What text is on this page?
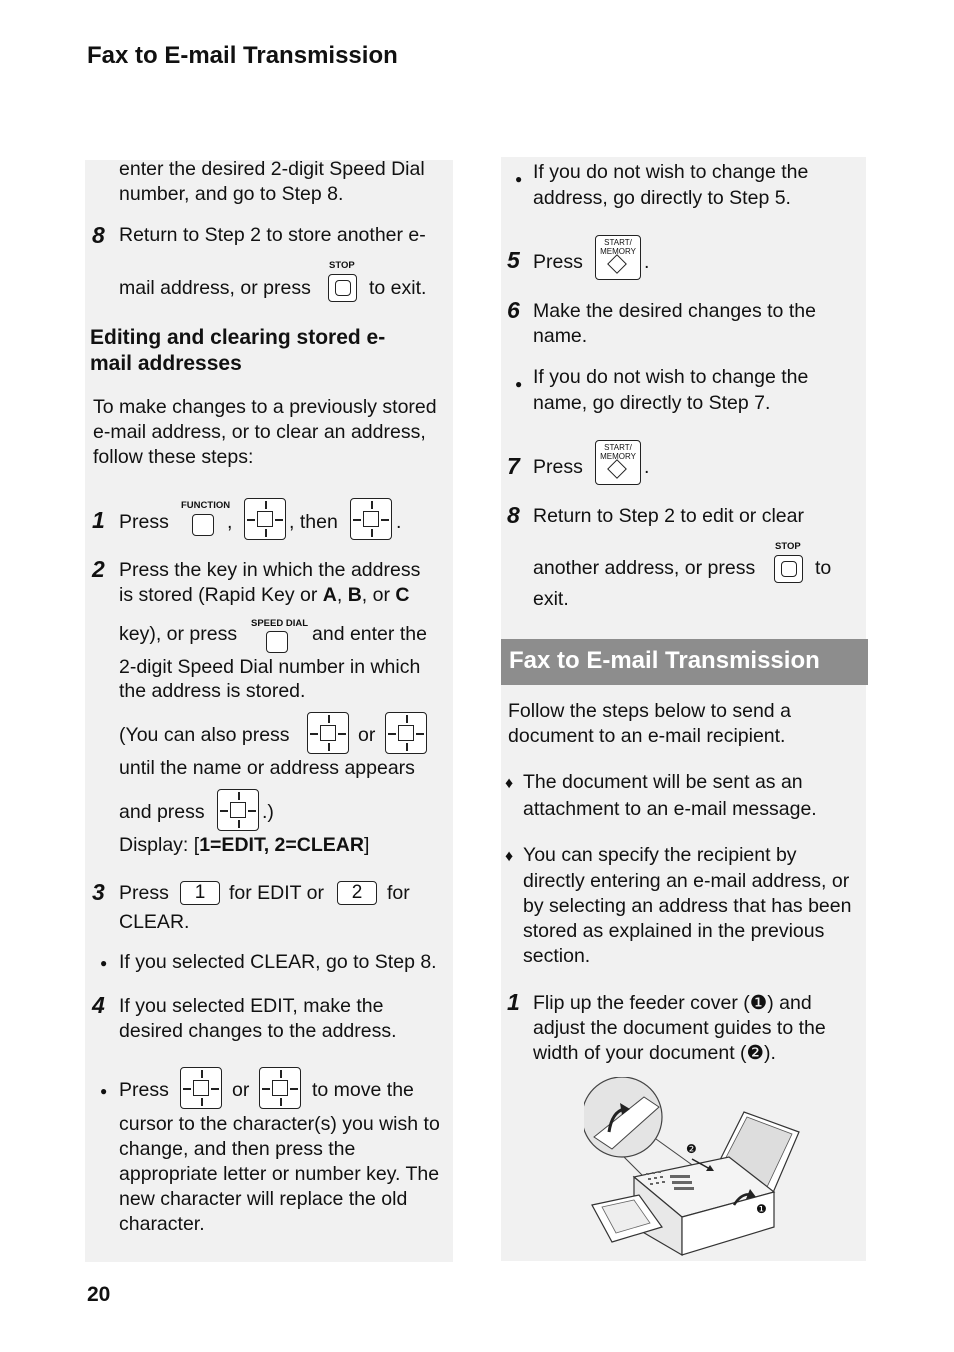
Fax to E-mail Transmission
enter the desired 2-digit Speed Dial
number, and go to Step 8.
8 Return to Step 2 to store another e-
mail address, or press
STOP
to exit.
Editing and clearing stored e-
mail addresses
To make changes to a previously stored
e-mail address, or to clear an address,
follow these steps:
1 Press
FUNCTION
,	, then	.
2 Press the key in which the address
is stored (Rapid Key or A, B, or C
key), or press SPEED DIAL and enter the
2-digit Speed Dial number in which
the address is stored.
(You can also press	or
until the name or address appears
and press	.)
Display: [1=EDIT, 2=CLEAR]
3 Press	1	for EDIT or	2	for
CLEAR.
● If you selected CLEAR, go to Step 8.
4 If you selected EDIT, make the
desired changes to the address.
● Press	or	to move the
cursor to the character(s) you wish to
change, and then press the
appropriate letter or number key. The
new character will replace the old
character.
● If you do not wish to change the
address, go directly to Step 5.
5 Press
START/
MEMORY .
6 Make the desired changes to the
name.
● If you do not wish to change the
name, go directly to Step 7.
7 Press
START/
MEMORY .
8 Return to Step 2 to edit or clear
another address, or press
STOP
to
exit.
Fax to E-mail Transmission
Follow the steps below to send a
document to an e-mail recipient.
♦ The document will be sent as an
attachment to an e-mail message.
♦ You can specify the recipient by
directly entering an e-mail address, or
by selecting an address that has been
stored as explained in the previous
section.
1 Flip up the feeder cover (❶) and
adjust the document guides to the
width of your document (❷).
❷
❶
20
